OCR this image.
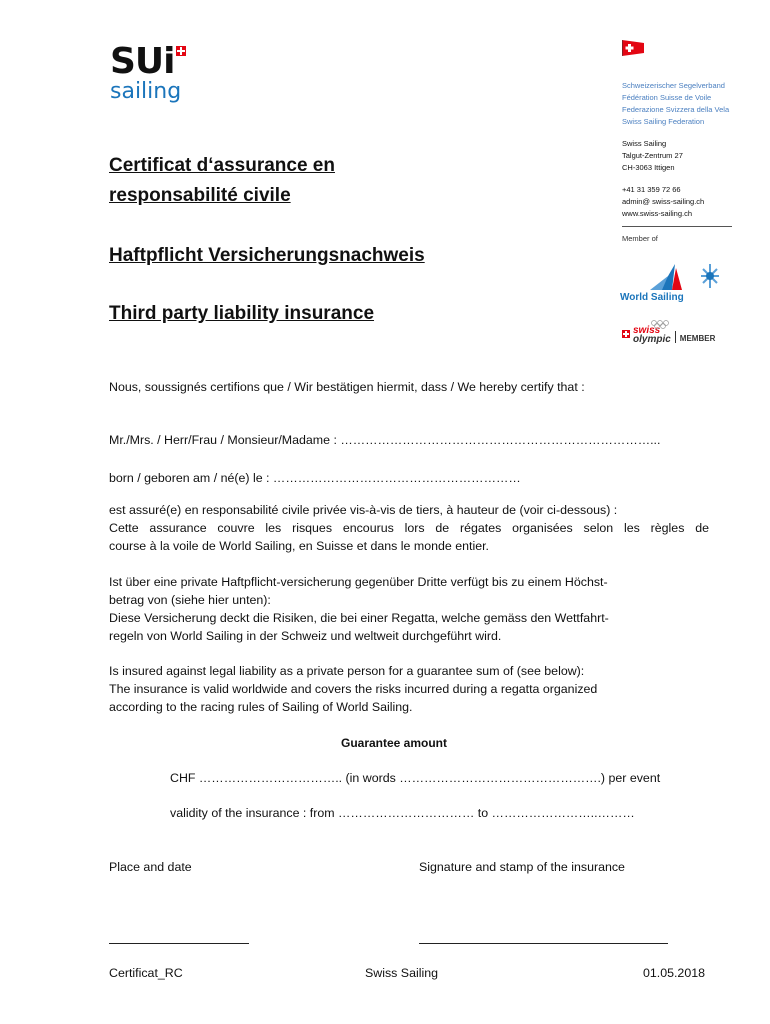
SUi
sailing	Schweizerischer Segelverband
Fédération Suisse de Voile
Federazione Svizzera della Vela
Swiss Sailing Federation
Swiss Sailing
Talgut-Zentrum 27
CH-3063 Ittigen
+41 31 359 72 66
admin@ swiss-sailing.ch
www.swiss-sailing.ch
Member of
World Sailing
swiss
olympic MEMBER
Certificat d‘assurance en
responsabilité civile
Haftpflicht Versicherungsnachweis
Third party liability insurance
Nous, soussignés certifions que / Wir bestätigen hiermit, dass / We hereby certify that :
Mr./Mrs. / Herr/Frau / Monsieur/Madame : …………………………………………………………………...
born / geboren am / né(e) le : ……………………………………………………
est assuré(e) en responsabilité civile privée vis-à-vis de tiers, à hauteur de (voir ci-dessous) :
Cette assurance couvre les risques encourus lors de régates organisées selon les règles de
course à la voile de World Sailing, en Suisse et dans le monde entier.
Ist über eine private Haftpflicht-versicherung gegenüber Dritte verfügt bis zu einem Höchst-
betrag von (siehe hier unten):
Diese Versicherung deckt die Risiken, die bei einer Regatta, welche gemäss den Wettfahrt-
regeln von World Sailing in der Schweiz und weltweit durchgeführt wird.
Is insured against legal liability as a private person for a guarantee sum of (see below):
The insurance is valid worldwide and covers the risks incurred during a regatta organized
according to the racing rules of Sailing of World Sailing.
Guarantee amount
CHF …………………………….. (in words ………………………………………….) per event
validity of the insurance : from …………………………… to ……………………..………
Place and date	Signature and stamp of the insurance
Certificat_RC	Swiss Sailing	01.05.2018
